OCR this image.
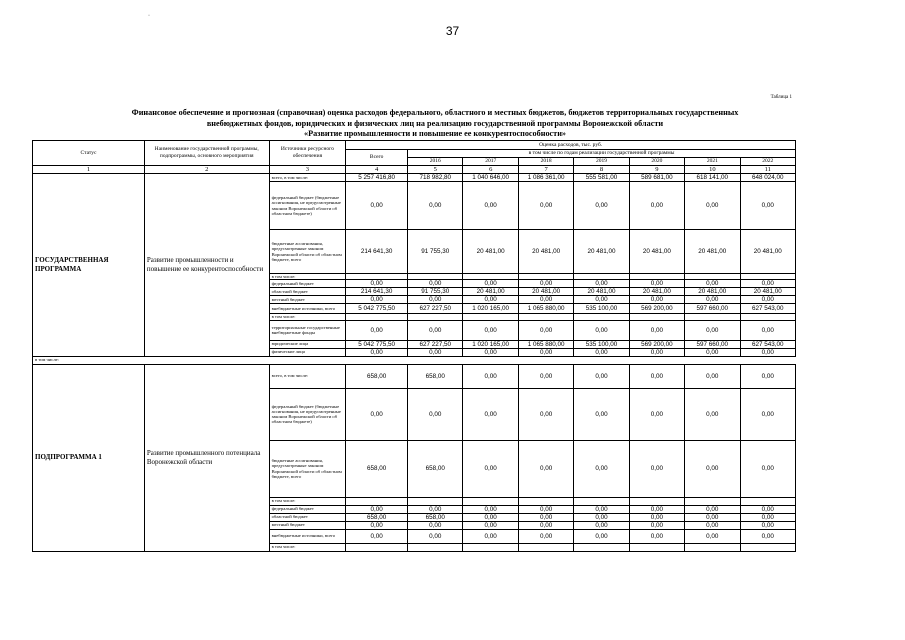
37
·
Таблица 1
Финансовое обеспечение и прогнозная (справочная) оценка расходов федерального, областного и местных бюджетов, бюджетов территориальных государственных
внебюджетных фондов, юридических и физических лиц на реализацию государственной программы Воронежской области
«Развитие промышленности и повышение ее конкурентоспособности»
Статус	Наименование государственной программы, подпрограммы, основного мероприятия	Источники ресурсного обеспечения	Оценка расходов, тыс. руб.							
			Всего	в том числе по годам реализации государственной программы						
				2016	2017	2018	2019	2020	2021	2022
1	2	3	4	5	6	7	8	9	10	11
ГОСУДАРСТВЕННАЯ ПРОГРАММА	Развитие промышленности и повышение ее конкурентоспособности	всего, в том числе:	5 257 416,80	718 982,80	1 040 646,00	1 086 361,00	555 581,00	589 681,00	618 141,00	648 024,00
		федеральный бюджет (бюджетные ассигнования, не предусмотренные законом Воронежской области об областном бюджете)	0,00	0,00	0,00	0,00	0,00	0,00	0,00	0,00
		бюджетные ассигнования, предусмотренные законом Воронежской области об областном бюджете, всего	214 641,30	91 755,30	20 481,00	20 481,00	20 481,00	20 481,00	20 481,00	20 481,00
		в том числе:								
		федеральный бюджет	0,00	0,00	0,00	0,00	0,00	0,00	0,00	0,00
		областной бюджет	214 641,30	91 755,30	20 481,00	20 481,00	20 481,00	20 481,00	20 481,00	20 481,00
		местный бюджет	0,00	0,00	0,00	0,00	0,00	0,00	0,00	0,00
		внебюджетные источники, всего	5 042 775,50	627 227,50	1 020 165,00	1 065 880,00	535 100,00	569 200,00	597 660,00	627 543,00
		в том числе:								
		территориальные государственные внебюджетные фонды	0,00	0,00	0,00	0,00	0,00	0,00	0,00	0,00
		юридические лица	5 042 775,50	627 227,50	1 020 165,00	1 065 880,00	535 100,00	569 200,00	597 660,00	627 543,00
		физические лица	0,00	0,00	0,00	0,00	0,00	0,00	0,00	0,00
в том числе:										
ПОДПРОГРАММА 1	Развитие промышленного потенциала Воронежской области	всего, в том числе:	658,00	658,00	0,00	0,00	0,00	0,00	0,00	0,00
		федеральный бюджет (бюджетные ассигнования, не предусмотренные законом Воронежской области об областном бюджете)	0,00	0,00	0,00	0,00	0,00	0,00	0,00	0,00
		бюджетные ассигнования, предусмотренные законом Воронежской области об областном бюджете, всего	658,00	658,00	0,00	0,00	0,00	0,00	0,00	0,00
		в том числе:								
		федеральный бюджет	0,00	0,00	0,00	0,00	0,00	0,00	0,00	0,00
		областной бюджет	658,00	658,00	0,00	0,00	0,00	0,00	0,00	0,00
		местный бюджет	0,00	0,00	0,00	0,00	0,00	0,00	0,00	0,00
		внебюджетные источники, всего	0,00	0,00	0,00	0,00	0,00	0,00	0,00	0,00
		в том числе:								
